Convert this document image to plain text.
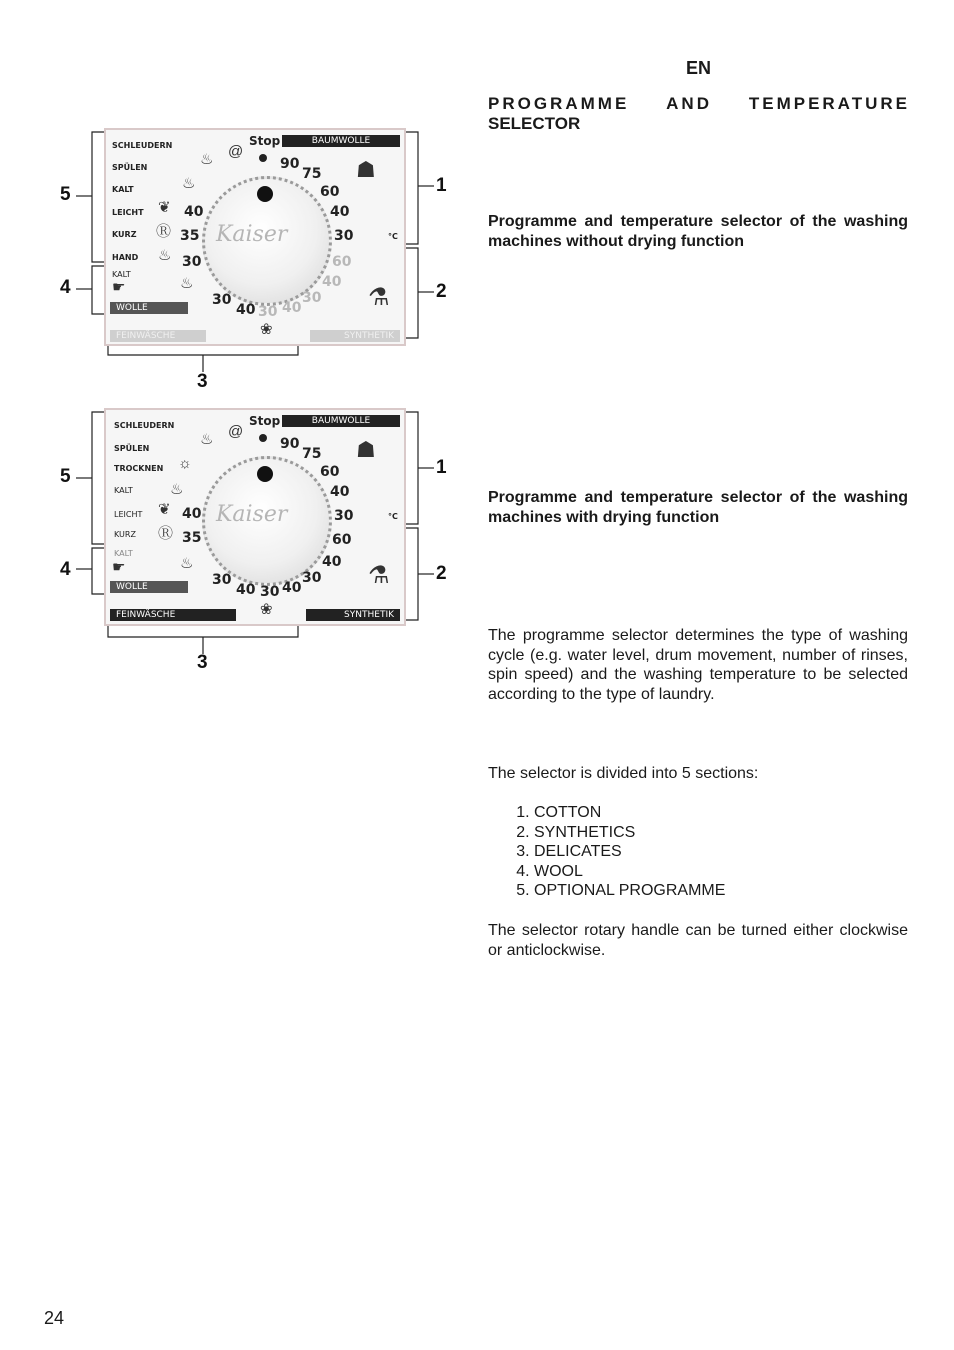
EN
PROGRAMME AND TEMPERATURE
SELECTOR
Programme and temperature selector of the washing machines without drying function
Programme and temperature selector of the washing machines with drying function
The programme selector determines the type of washing cycle (e.g. water level, drum movement, number of rinses, spin speed) and the washing temperature to be selected according to the type of laundry.
The selector is divided into 5 sections:
1. COTTON
2. SYNTHETICS
3. DELICATES
4. WOOL
5. OPTIONAL PROGRAMME
The selector rotary handle can be turned either clockwise or anticlockwise.
24
5
4
1
2
3
BAUMWOLLE
FEINWÄSCHE	SYNTHETIK
WOLLE
SCHLEUDERN
SPÜLEN
KALT
LEICHT
KURZ
HAND
KALT
♨ @
♨
❦
Ⓡ
♨
☛	♨
☗
⚗
❀
Stop
Kaiser
90
75
60
40
30	°C
60
40
30
40
30
40
30
40
35
30
5
4
1
2
3
BAUMWOLLE
FEINWÄSCHE	SYNTHETIK
WOLLE
SCHLEUDERN
SPÜLEN
TROCKNEN
KALT
LEICHT
KURZ
KALT
♨ @
☼
♨
❦
Ⓡ
☛	♨
☗
⚗
❀
Stop
Kaiser
90
75
60
40
30	°C
60
40
30
40
30
40
30
40
35
